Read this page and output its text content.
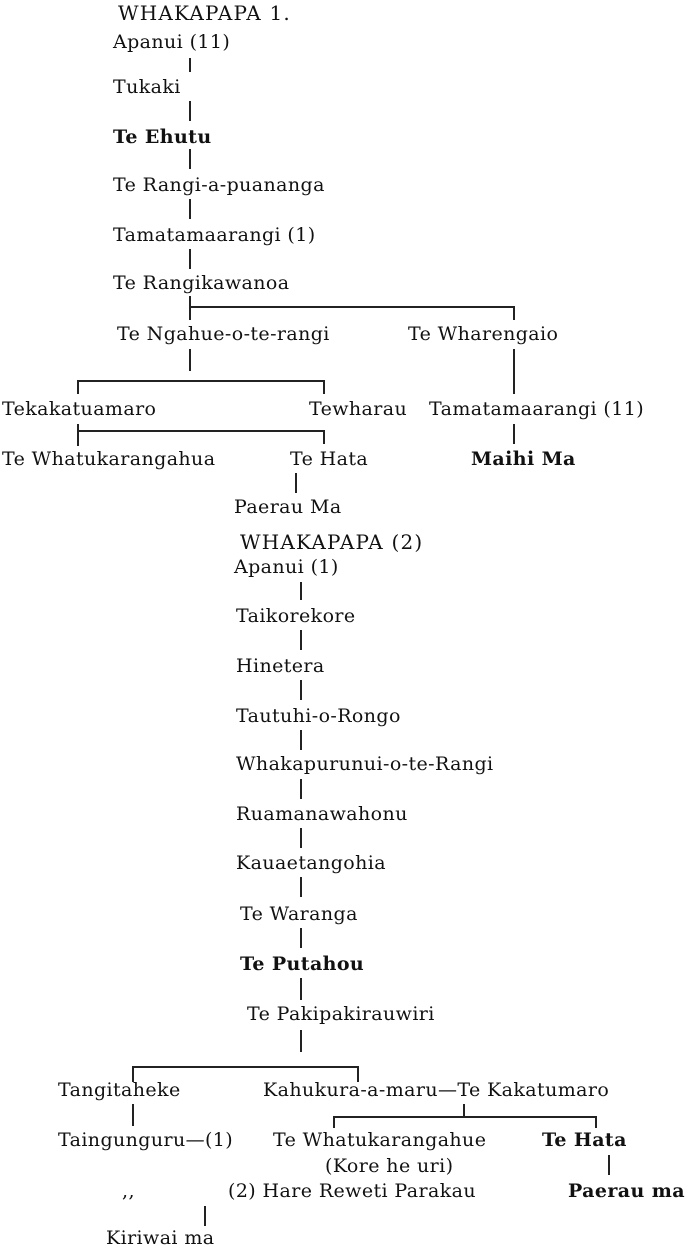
WHAKAPAPA 1.
Apanui (11)
Tukaki
Te Ehutu
Te Rangi-a-puananga
Tamatamaarangi (1)
Te Rangikawanoa
Te Ngahue-o-te-rangi	Te Wharengaio
Tekakatuamaro	Tewharau Tamatamaarangi (11)
Te Whatukarangahua	Te Hata	Maihi Ma
Paerau Ma
WHAKAPAPA (2)
Apanui (1)
Taikorekore
Hinetera
Tautuhi-o-Rongo
Whakapurunui-o-te-Rangi
Ruamanawahonu
Kauaetangohia
Te Waranga
Te Putahou
Te Pakipakirauwiri
Tangitaheke	Kahukura-a-maru—Te Kakatumaro
Taingunguru—(1) Te Whatukarangahue	Te Hata
(Kore he uri)
,,	(2) Hare Reweti Parakau	Paerau ma
Kiriwai ma
